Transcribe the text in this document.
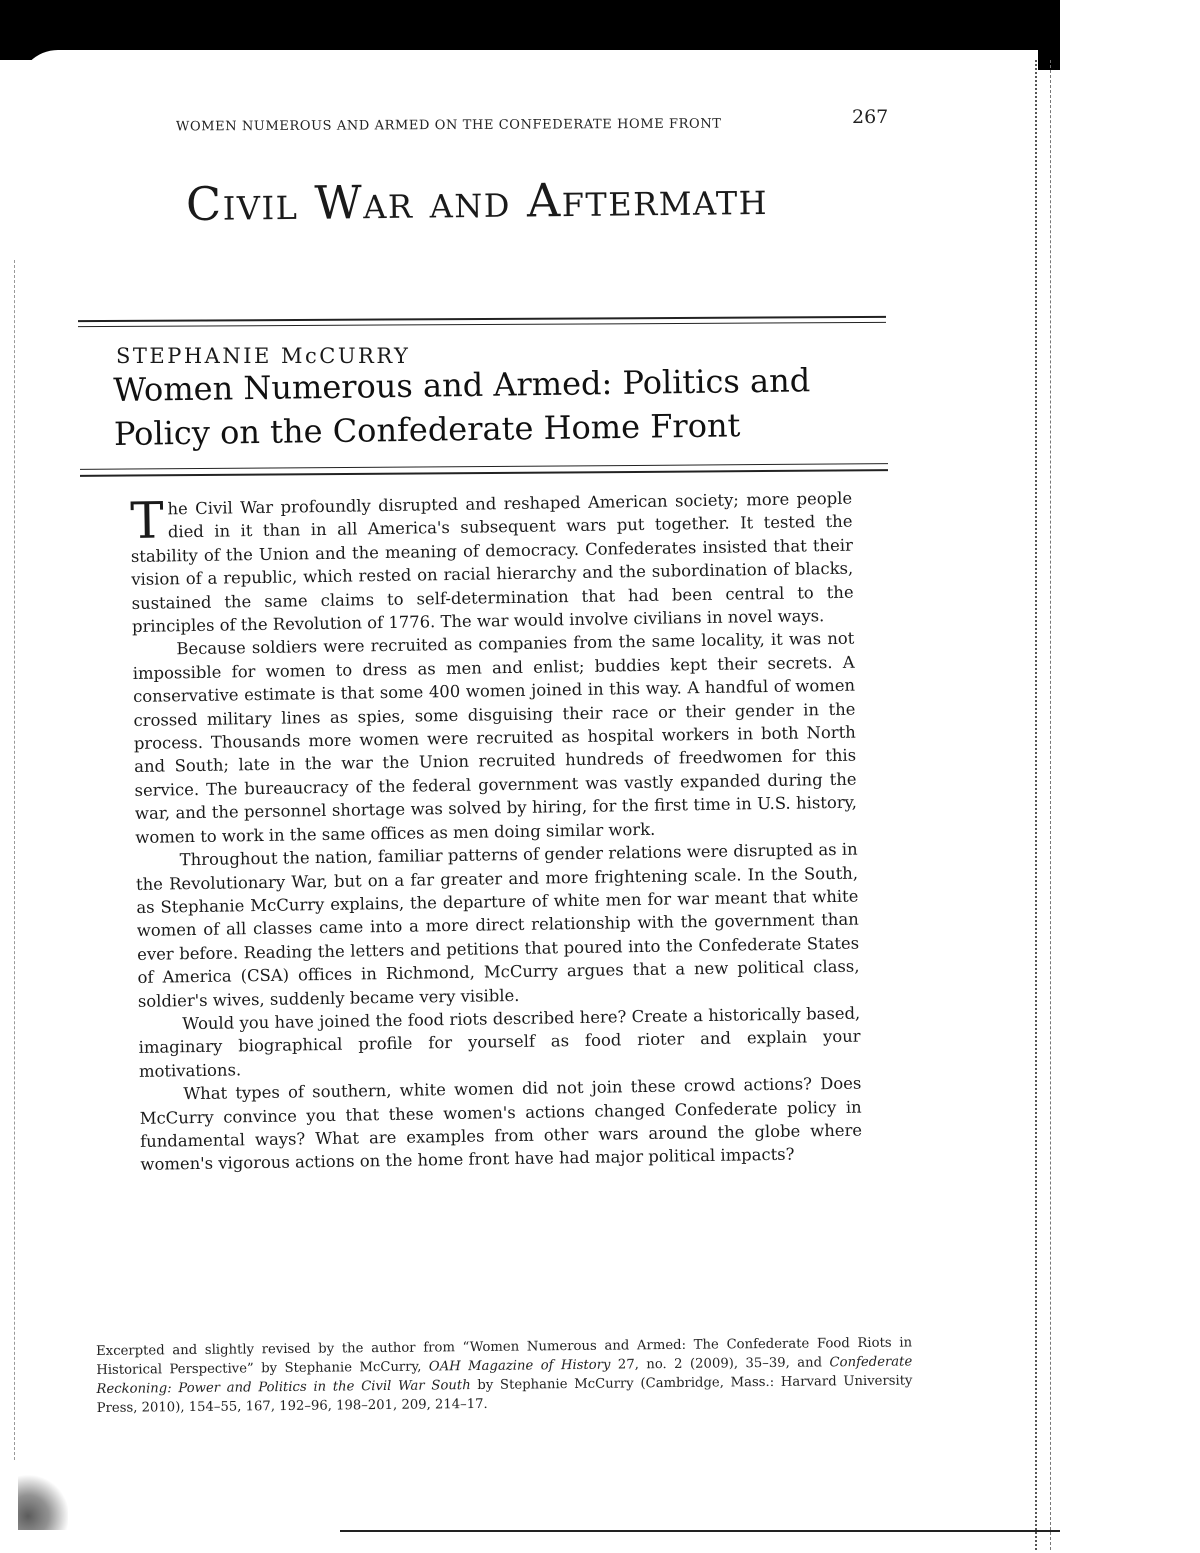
WOMEN NUMEROUS AND ARMED ON THE CONFEDERATE HOME FRONT	267
Civil War and Aftermath
STEPHANIE McCURRY
Women Numerous and Armed: Politics and Policy on the Confederate Home Front

The Civil War profoundly disrupted and reshaped American society; more people died in it than in all America's subsequent wars put together. It tested the stability of the Union and the meaning of democracy. Confederates insisted that their vision of a republic, which rested on racial hierarchy and the subordination of blacks, sustained the same claims to self-determination that had been central to the principles of the Revolution of 1776. The war would involve civilians in novel ways.

Because soldiers were recruited as companies from the same locality, it was not impossible for women to dress as men and enlist; buddies kept their secrets. A conservative estimate is that some 400 women joined in this way. A handful of women crossed military lines as spies, some disguising their race or their gender in the process. Thousands more women were recruited as hospital workers in both North and South; late in the war the Union recruited hundreds of freedwomen for this service. The bureaucracy of the federal government was vastly expanded during the war, and the personnel shortage was solved by hiring, for the first time in U.S. history, women to work in the same offices as men doing similar work.

Throughout the nation, familiar patterns of gender relations were disrupted as in the Revolutionary War, but on a far greater and more frightening scale. In the South, as Stephanie McCurry explains, the departure of white men for war meant that white women of all classes came into a more direct relationship with the government than ever before. Reading the letters and petitions that poured into the Confederate States of America (CSA) offices in Richmond, McCurry argues that a new political class, soldier's wives, suddenly became very visible.

Would you have joined the food riots described here? Create a historically based, imaginary biographical profile for yourself as food rioter and explain your motivations.

What types of southern, white women did not join these crowd actions? Does McCurry convince you that these women's actions changed Confederate policy in fundamental ways? What are examples from other wars around the globe where women's vigorous actions on the home front have had major political impacts?

Excerpted and slightly revised by the author from “Women Numerous and Armed: The Confederate Food Riots in Historical Perspective” by Stephanie McCurry, OAH Magazine of History 27, no. 2 (2009), 35–39, and Confederate Reckoning: Power and Politics in the Civil War South by Stephanie McCurry (Cambridge, Mass.: Harvard University Press, 2010), 154–55, 167, 192–96, 198–201, 209, 214–17.
